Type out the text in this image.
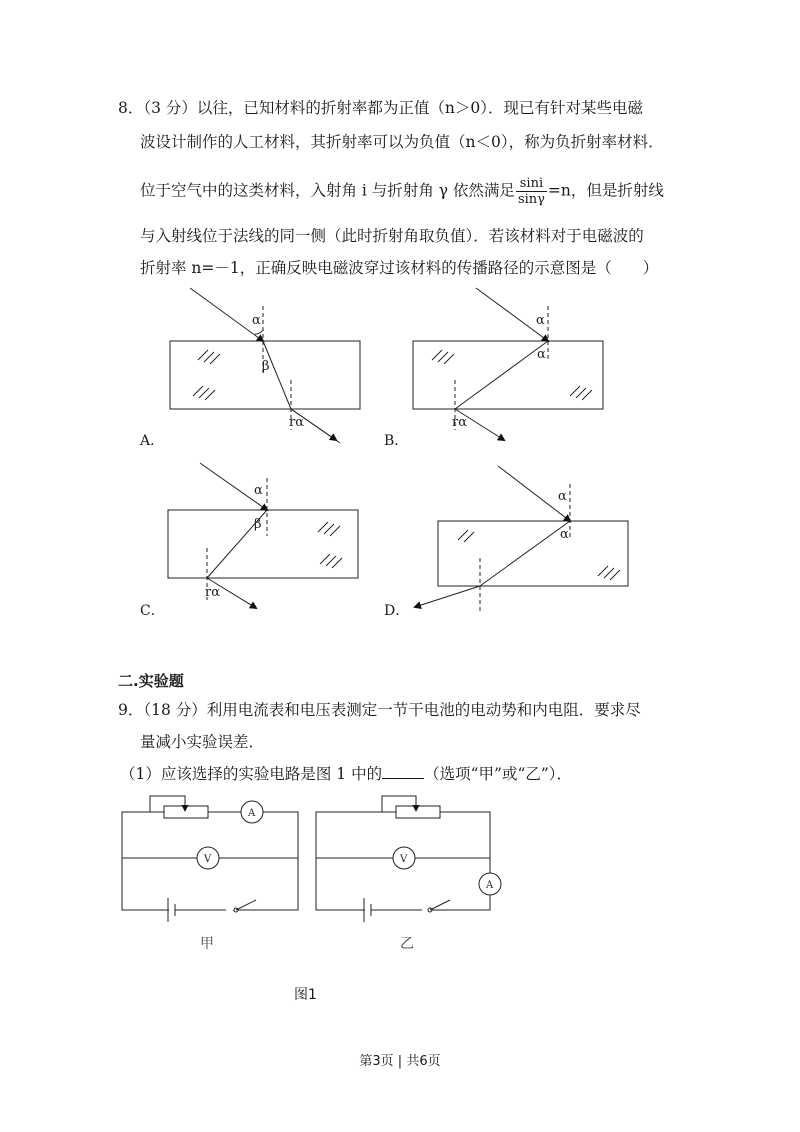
8．（3 分）以往，已知材料的折射率都为正值（n＞0）．现已有针对某些电磁
波设计制作的人工材料，其折射率可以为负值（n＜0），称为负折射率材料．
位于空气中的这类材料，入射角 i 与折射角 γ 依然满足 $\frac{\sin i}{\sin\gamma} =n$，但是折射线
与入射线位于法线的同一侧（此时折射角取负值）．若该材料对于电磁波的
折射率 n=－1，正确反映电磁波穿过该材料的传播路径的示意图是（　　）
α
β
rα
α
α
rα
α
β
rα
α
α
A．	B．
C．	D．
二.实验题
9．（18 分）利用电流表和电压表测定一节干电池的电动势和内电阻．要求尽
量减小实验误差．
（1）应该选择的实验电路是图 1 中的	（选项“甲”或“乙”）．
A
V
甲
V
A
乙
图1
第3页 | 共6页
